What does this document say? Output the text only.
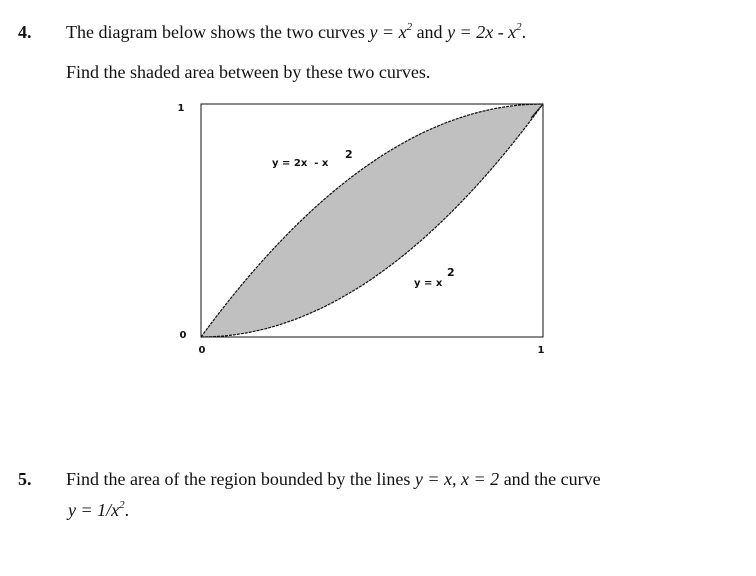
4. The diagram below shows the two curves $y = x^2$ and $y = 2x - x^2$.
Find the shaded area between by these two curves.
1
0
0	1
y = 2x  - x
2
y = x
2
5. Find the area of the region bounded by the lines y = x, x = 2 and the curve
$y = 1/x^2$.
